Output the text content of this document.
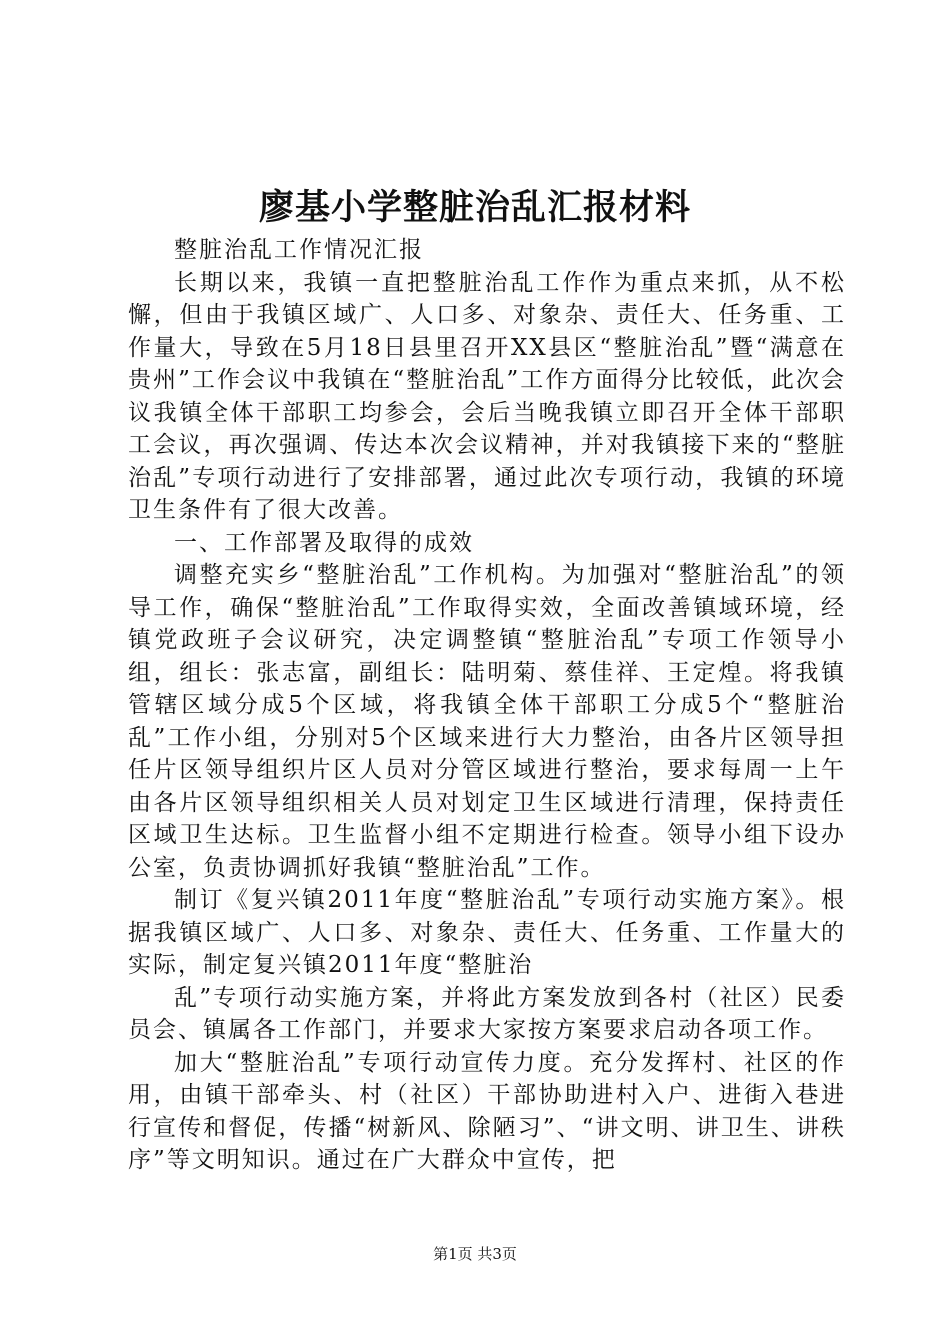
廖基小学整脏治乱汇报材料

整脏治乱工作情况汇报

长期以来，我镇一直把整脏治乱工作作为重点来抓，从不松懈，但由于我镇区域广、人口多、对象杂、责任大、任务重、工作量大，导致在5月18日县里召开XX县区“整脏治乱”暨“满意在贵州”工作会议中我镇在“整脏治乱”工作方面得分比较低，此次会议我镇全体干部职工均参会，会后当晚我镇立即召开全体干部职工会议，再次强调、传达本次会议精神，并对我镇接下来的“整脏治乱”专项行动进行了安排部署，通过此次专项行动，我镇的环境卫生条件有了很大改善。

一、工作部署及取得的成效

调整充实乡“整脏治乱”工作机构。为加强对“整脏治乱”的领导工作，确保“整脏治乱”工作取得实效，全面改善镇域环境，经镇党政班子会议研究，决定调整镇“整脏治乱”专项工作领导小组，组长：张志富，副组长：陆明菊、蔡佳祥、王定煌。将我镇管辖区域分成5个区域，将我镇全体干部职工分成5个“整脏治乱”工作小组，分别对5个区域来进行大力整治，由各片区领导担任片区领导组织片区人员对分管区域进行整治，要求每周一上午由各片区领导组织相关人员对划定卫生区域进行清理，保持责任区域卫生达标。卫生监督小组不定期进行检查。领导小组下设办公室，负责协调抓好我镇“整脏治乱”工作。

制订《复兴镇2011年度“整脏治乱”专项行动实施方案》。根据我镇区域广、人口多、对象杂、责任大、任务重、工作量大的实际，制定复兴镇2011年度“整脏治

乱”专项行动实施方案，并将此方案发放到各村（社区）民委员会、镇属各工作部门，并要求大家按方案要求启动各项工作。

加大“整脏治乱”专项行动宣传力度。充分发挥村、社区的作用，由镇干部牵头、村（社区）干部协助进村入户、进街入巷进行宣传和督促，传播“树新风、除陋习”、“讲文明、讲卫生、讲秩序”等文明知识。通过在广大群众中宣传，把

第1页 共3页
